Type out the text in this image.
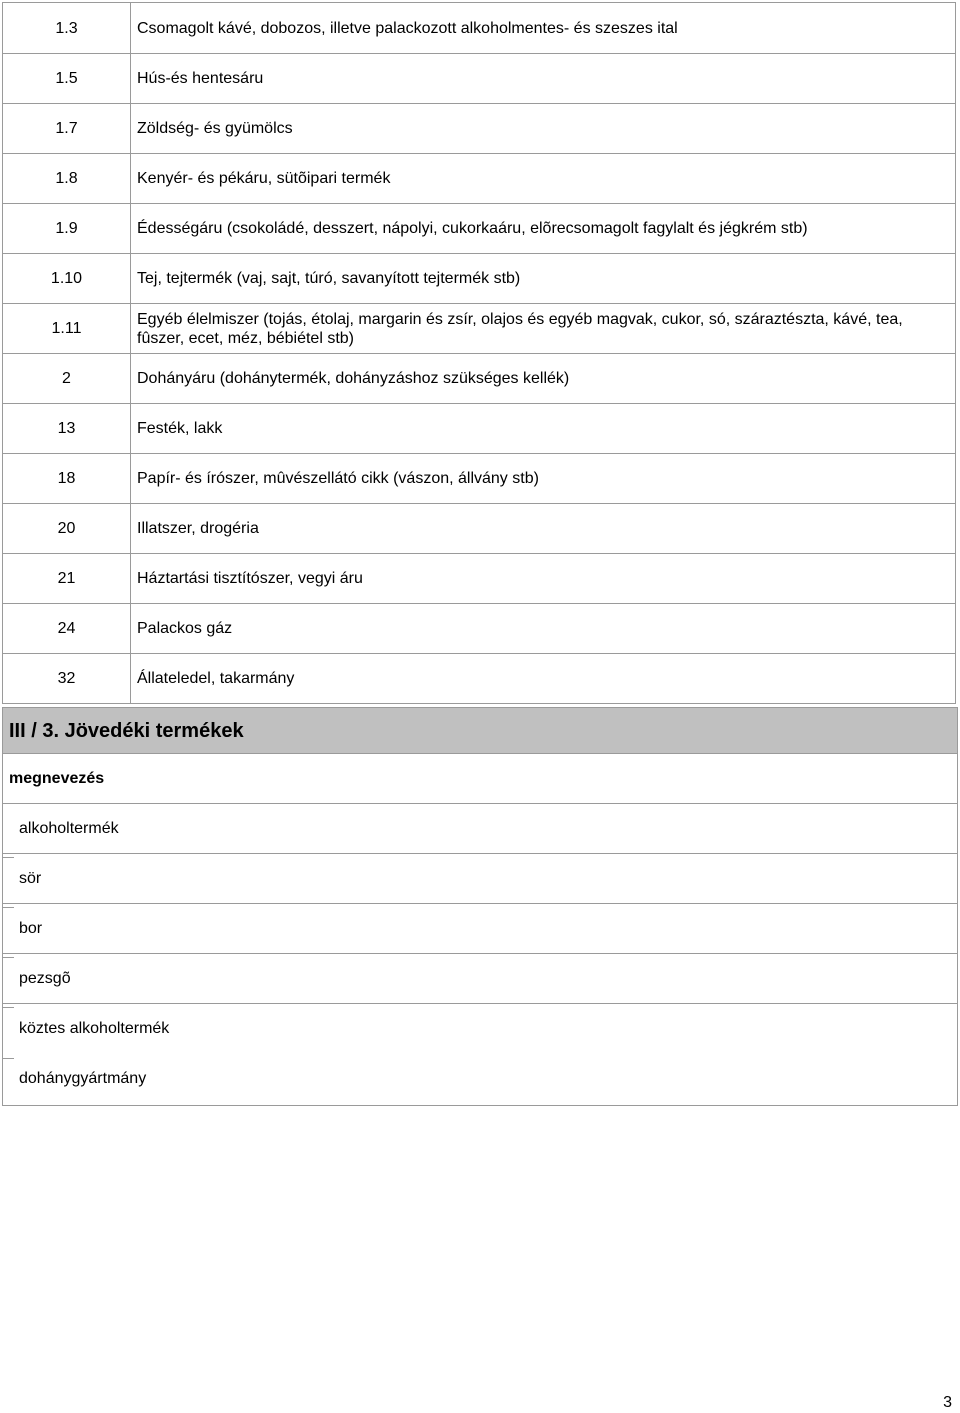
1.3	Csomagolt kávé, dobozos, illetve palackozott alkoholmentes- és szeszes ital
1.5	Hús-és hentesáru
1.7	Zöldség- és gyümölcs
1.8	Kenyér- és pékáru, sütõipari termék
1.9	Édességáru (csokoládé, desszert, nápolyi, cukorkaáru, elõrecsomagolt fagylalt és jégkrém stb)
1.10	Tej, tejtermék (vaj, sajt, túró, savanyított tejtermék stb)
1.11	Egyéb élelmiszer (tojás, étolaj, margarin és zsír, olajos és egyéb magvak, cukor, só, száraztészta, kávé, tea, fûszer, ecet, méz, bébiétel stb)
2	Dohányáru (dohánytermék, dohányzáshoz szükséges kellék)
13	Festék, lakk
18	Papír- és írószer, mûvészellátó cikk (vászon, állvány stb)
20	Illatszer, drogéria
21	Háztartási tisztítószer, vegyi áru
24	Palackos gáz
32	Állateledel, takarmány
III / 3. Jövedéki termékek
megnevezés
alkoholtermék
sör
bor
pezsgõ
köztes alkoholtermék
dohánygyártmány
3
